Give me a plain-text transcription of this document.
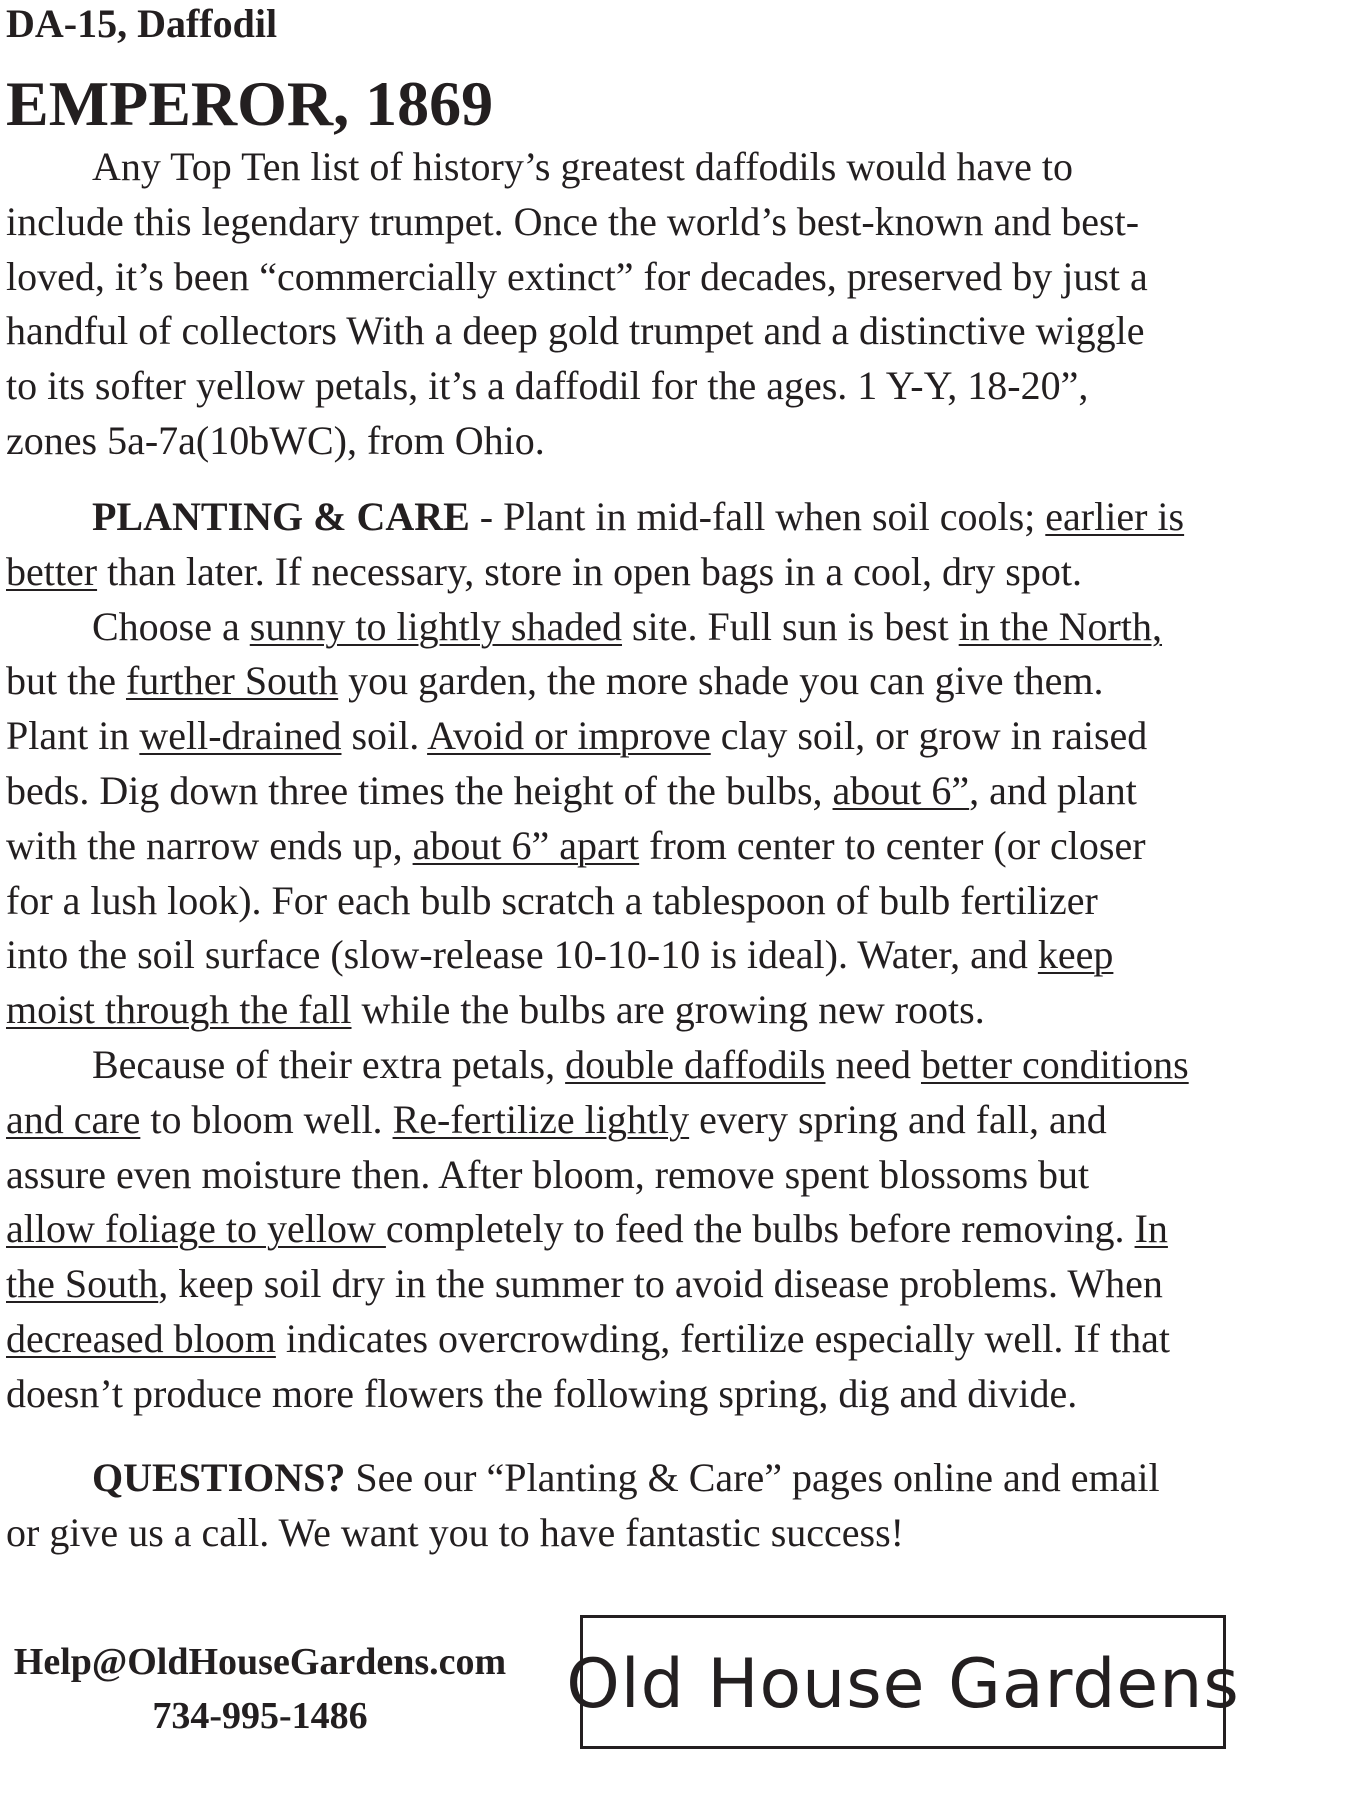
DA-15, Daffodil
EMPEROR, 1869
Any Top Ten list of history’s greatest daffodils would have to
include this legendary trumpet. Once the world’s best-known and best-
loved, it’s been “commercially extinct” for decades, preserved by just a
handful of collectors With a deep gold trumpet and a distinctive wiggle
to its softer yellow petals, it’s a daffodil for the ages. 1 Y-Y, 18-20”,
zones 5a-7a(10bWC), from Ohio.
PLANTING & CARE - Plant in mid-fall when soil cools; earlier is
better than later. If necessary, store in open bags in a cool, dry spot.
Choose a sunny to lightly shaded site. Full sun is best in the North,
but the further South you garden, the more shade you can give them.
Plant in well-drained soil. Avoid or improve clay soil, or grow in raised
beds. Dig down three times the height of the bulbs, about 6”, and plant
with the narrow ends up, about 6” apart from center to center (or closer
for a lush look). For each bulb scratch a tablespoon of bulb fertilizer
into the soil surface (slow-release 10-10-10 is ideal). Water, and keep
moist through the fall while the bulbs are growing new roots.
Because of their extra petals, double daffodils need better conditions
and care to bloom well. Re-fertilize lightly every spring and fall, and
assure even moisture then. After bloom, remove spent blossoms but
allow foliage to yellow completely to feed the bulbs before removing. In
the South, keep soil dry in the summer to avoid disease problems. When
decreased bloom indicates overcrowding, fertilize especially well. If that
doesn’t produce more flowers the following spring, dig and divide.
QUESTIONS? See our “Planting & Care” pages online and email
or give us a call. We want you to have fantastic success!
Help@OldHouseGardens.com
734-995-1486	Old House Gardens
